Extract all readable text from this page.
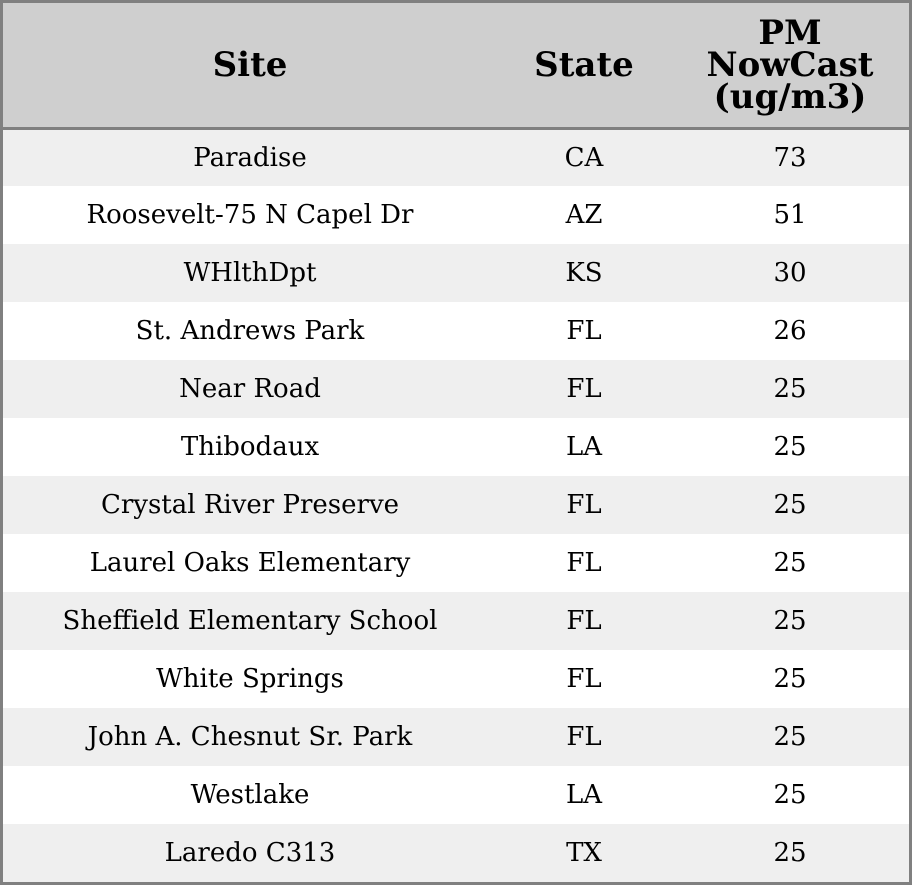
Site	State	PM
NowCast
(ug/m3)

Paradise	CA	73
Roosevelt-75 N Capel Dr	AZ	51
WHlthDpt	KS	30
St. Andrews Park	FL	26
Near Road	FL	25
Thibodaux	LA	25
Crystal River Preserve	FL	25
Laurel Oaks Elementary	FL	25
Sheffield Elementary School	FL	25
White Springs	FL	25
John A. Chesnut Sr. Park	FL	25
Westlake	LA	25
Laredo C313	TX	25
